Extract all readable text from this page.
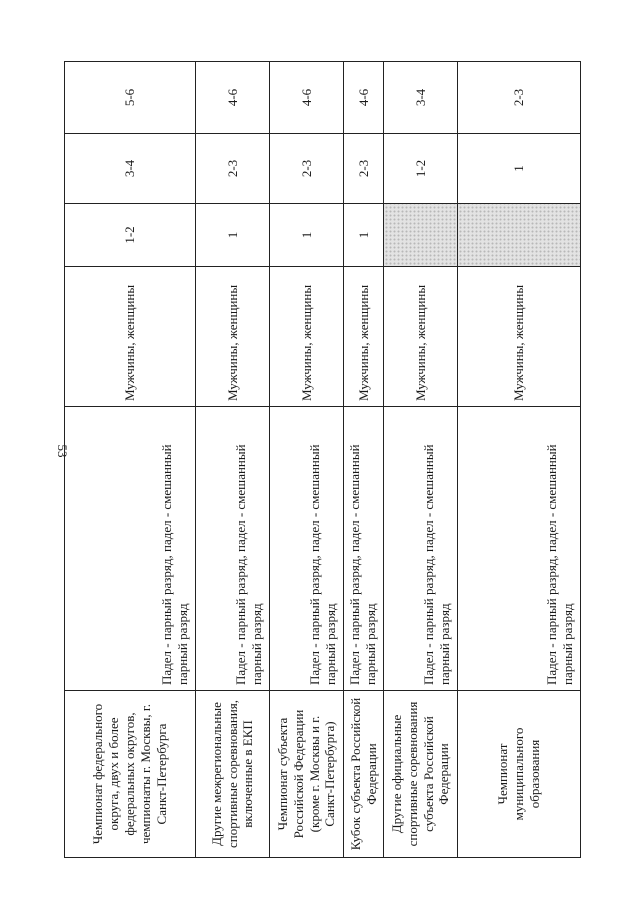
53
Чемпионат федерального округа, двух и более федеральных округов, чемпионаты г. Москвы, г. Санкт-Петербурга	Падел - парный разряд, падел - смешанный парный разряд	Мужчины, женщины	1-2	3-4	5-6
Другие межрегиональные спортивные соревнования, включенные в ЕКП	Падел - парный разряд, падел - смешанный парный разряд	Мужчины, женщины	1	2-3	4-6
Чемпионат субъекта Российской Федерации (кроме г. Москвы и г. Санкт-Петербурга)	Падел - парный разряд, падел - смешанный парный разряд	Мужчины, женщины	1	2-3	4-6
Кубок субъекта Российской Федерации	Падел - парный разряд, падел - смешанный парный разряд	Мужчины, женщины	1	2-3	4-6
Другие официальные спортивные соревнования субъекта Российской Федерации	Падел - парный разряд, падел - смешанный парный разряд	Мужчины, женщины		1-2	3-4
Чемпионат муниципального образования	Падел - парный разряд, падел - смешанный парный разряд	Мужчины, женщины		1	2-3
